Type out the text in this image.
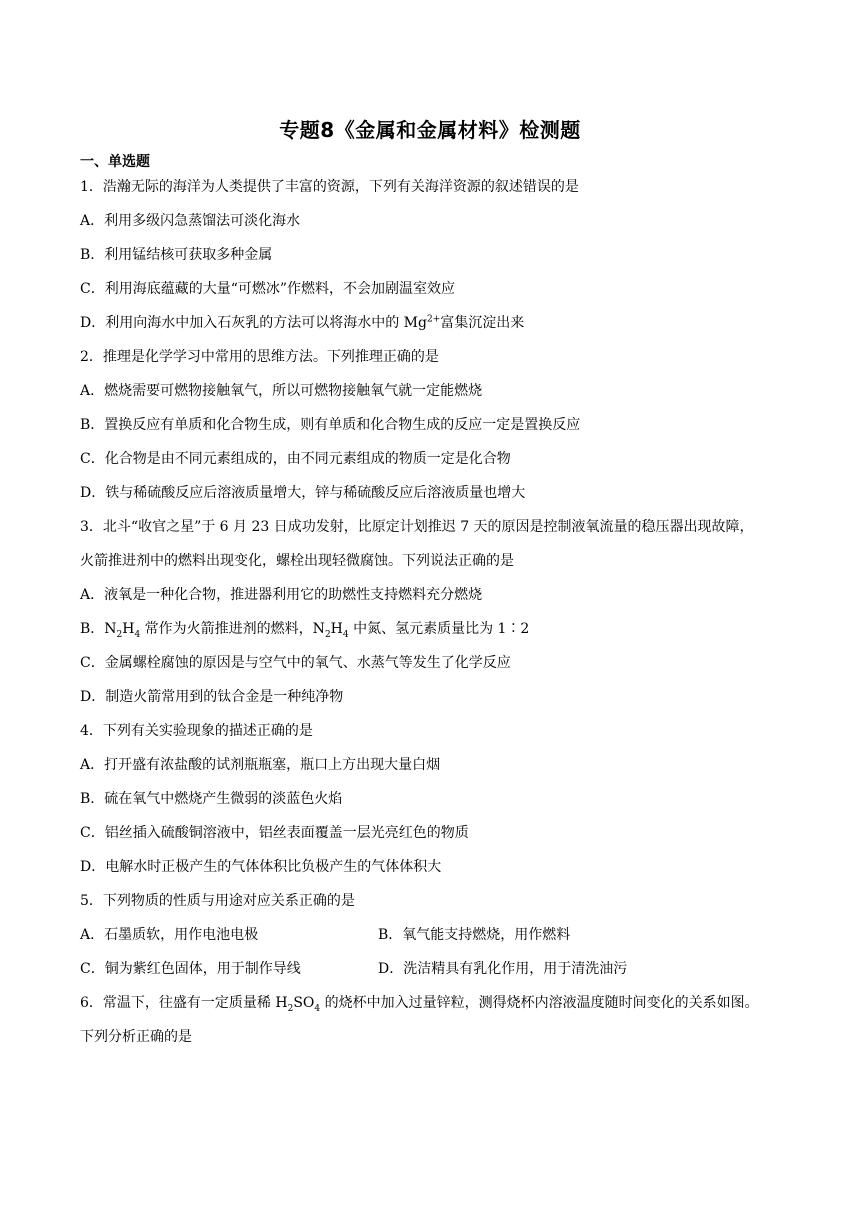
专题8《金属和金属材料》检测题
一、单选题
1．浩瀚无际的海洋为人类提供了丰富的资源，下列有关海洋资源的叙述错误的是
A．利用多级闪急蒸馏法可淡化海水
B．利用锰结核可获取多种金属
C．利用海底蕴藏的大量“可燃冰”作燃料，不会加剧温室效应
D．利用向海水中加入石灰乳的方法可以将海水中的 $Mg^{2+}$富集沉淀出来
2．推理是化学学习中常用的思维方法。下列推理正确的是
A．燃烧需要可燃物接触氧气，所以可燃物接触氧气就一定能燃烧
B．置换反应有单质和化合物生成，则有单质和化合物生成的反应一定是置换反应
C．化合物是由不同元素组成的，由不同元素组成的物质一定是化合物
D．铁与稀硫酸反应后溶液质量增大，锌与稀硫酸反应后溶液质量也增大
3．北斗“收官之星”于 6 月 23 日成功发射，比原定计划推迟 7 天的原因是控制液氧流量的稳压器出现故障，
火箭推进剂中的燃料出现变化，螺栓出现轻微腐蚀。下列说法正确的是
A．液氧是一种化合物，推进器利用它的助燃性支持燃料充分燃烧
B．$N_2H_4$ 常作为火箭推进剂的燃料，$N_2H_4$ 中氮、氢元素质量比为 1∶2
C．金属螺栓腐蚀的原因是与空气中的氧气、水蒸气等发生了化学反应
D．制造火箭常用到的钛合金是一种纯净物
4．下列有关实验现象的描述正确的是
A．打开盛有浓盐酸的试剂瓶瓶塞，瓶口上方出现大量白烟
B．硫在氧气中燃烧产生微弱的淡蓝色火焰
C．铝丝插入硫酸铜溶液中，铝丝表面覆盖一层光亮红色的物质
D．电解水时正极产生的气体体积比负极产生的气体体积大
5．下列物质的性质与用途对应关系正确的是
A．石墨质软，用作电池电极	B．氧气能支持燃烧，用作燃料
C．铜为紫红色固体，用于制作导线	D．洗洁精具有乳化作用，用于清洗油污
6．常温下，往盛有一定质量稀 $H_2SO_4$ 的烧杯中加入过量锌粒，测得烧杯内溶液温度随时间变化的关系如图。
下列分析正确的是
